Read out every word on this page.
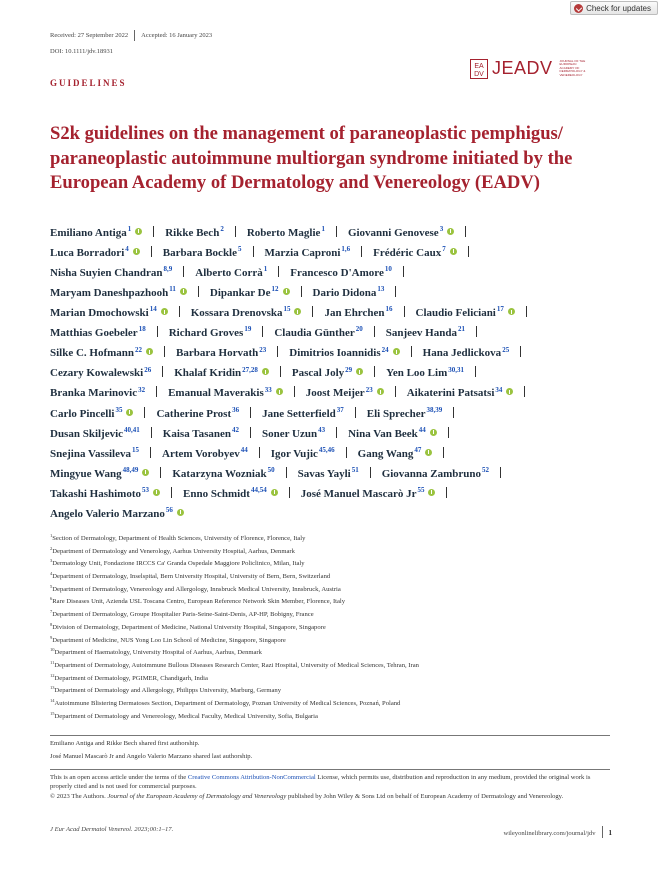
Received: 27 September 2022 Accepted: 16 January 2023
DOI: 10.1111/jdv.18931
Check for updates
GUIDELINES
EA
DV JEADV JOURNAL OF THE EUROPEAN ACADEMY OF DERMATOLOGY & VENEREOLOGY
S2k guidelines on the management of paraneoplastic pemphigus/ paraneoplastic autoimmune multiorgan syndrome initiated by the European Academy of Dermatology and Venereology (EADV)
Emiliano Antiga$^1$	Rikke Bech$^2$ Roberto Maglie$^1$ Giovanni Genovese$^3$
Luca Borradori$^4$	Barbara Bockle$^5$ Marzia Caproni$^{1,6}$ Frédéric Caux$^7$
Nisha Suyien Chandran$^{8,9}$ Alberto Corrà$^1$ Francesco D'Amore$^{10}$
Maryam Daneshpazhooh$^{11}$	Dipankar De$^{12}$	Dario Didona$^{13}$
Marian Dmochowski$^{14}$	Kossara Drenovska$^{15}$	Jan Ehrchen$^{16}$ Claudio Feliciani$^{17}$
Matthias Goebeler$^{18}$ Richard Groves$^{19}$ Claudia Günther$^{20}$ Sanjeev Handa$^{21}$
Silke C. Hofmann$^{22}$	Barbara Horvath$^{23}$ Dimitrios Ioannidis$^{24}$	Hana Jedlickova$^{25}$
Cezary Kowalewski$^{26}$ Khalaf Kridin$^{27,28}$	Pascal Joly$^{29}$	Yen Loo Lim$^{30,31}$
Branka Marinovic$^{32}$ Emanual Maverakis$^{33}$	Joost Meijer$^{23}$	Aikaterini Patsatsi$^{34}$
Carlo Pincelli$^{35}$	Catherine Prost$^{36}$ Jane Setterfield$^{37}$ Eli Sprecher$^{38,39}$
Dusan Skiljevic$^{40,41}$ Kaisa Tasanen$^{42}$ Soner Uzun$^{43}$ Nina Van Beek$^{44}$
Snejina Vassileva$^{15}$ Artem Vorobyev$^{44}$ Igor Vujic$^{45,46}$ Gang Wang$^{47}$
Mingyue Wang$^{48,49}$	Katarzyna Wozniak$^{50}$ Savas Yayli$^{51}$ Giovanna Zambruno$^{52}$
Takashi Hashimoto$^{53}$	Enno Schmidt$^{44,54}$	José Manuel Mascarò Jr$^{55}$
Angelo Valerio Marzano$^{56}$
$^1$Section of Dermatology, Department of Health Sciences, University of Florence, Florence, Italy
$^2$Department of Dermatology and Venerology, Aarhus University Hospital, Aarhus, Denmark
$^3$Dermatology Unit, Fondazione IRCCS Ca' Granda Ospedale Maggiore Policlinico, Milan, Italy
$^4$Department of Dermatology, Inselspital, Bern University Hospital, University of Bern, Bern, Switzerland
$^5$Department of Dermatology, Venereology and Allergology, Innsbruck Medical University, Innsbruck, Austria
$^6$Rare Diseases Unit, Azienda USL Toscana Centro, European Reference Network Skin Member, Florence, Italy
$^7$Department of Dermatology, Groupe Hospitalier Paris-Seine-Saint-Denis, AP-HP, Bobigny, France
$^8$Division of Dermatology, Department of Medicine, National University Hospital, Singapore, Singapore
$^9$Department of Medicine, NUS Yong Loo Lin School of Medicine, Singapore, Singapore
$^{10}$Department of Haematology, University Hospital of Aarhus, Aarhus, Denmark
$^{11}$Department of Dermatology, Autoimmune Bullous Diseases Research Center, Razi Hospital, University of Medical Sciences, Tehran, Iran
$^{12}$Department of Dermatology, PGIMER, Chandigarh, India
$^{13}$Department of Dermatology and Allergology, Philipps University, Marburg, Germany
$^{14}$Autoimmune Blistering Dermatoses Section, Department of Dermatology, Poznan University of Medical Sciences, Poznań, Poland
$^{15}$Department of Dermatology and Venereology, Medical Faculty, Medical University, Sofia, Bulgaria
Emiliano Antiga and Rikke Bech shared first authorship.
José Manuel Mascarò Jr and Angelo Valerio Marzano shared last authorship.
This is an open access article under the terms of the Creative Commons Attribution-NonCommercial License, which permits use, distribution and reproduction in any medium, provided the original work is properly cited and is not used for commercial purposes.
© 2023 The Authors. Journal of the European Academy of Dermatology and Venereology published by John Wiley & Sons Ltd on behalf of European Academy of Dermatology and Venereology.
J Eur Acad Dermatol Venereol. 2023;00:1–17.
wileyonlinelibrary.com/journal/jdv 1
